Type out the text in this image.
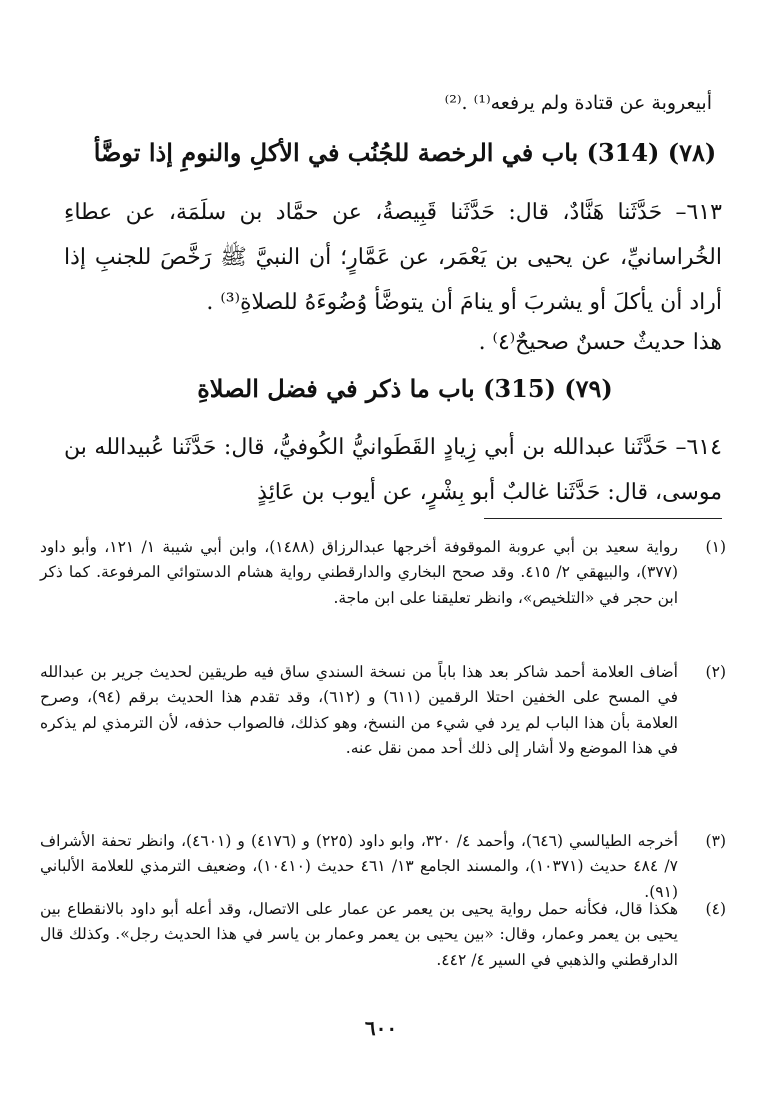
أبيعروبة عن قتادة ولم يرفعه⁽¹⁾ .⁽²⁾
(٧٨) (314) باب في الرخصة للجُنُب في الأكلِ والنومِ إذا توضَّأ
٦١٣– حَدَّثَنا هَنَّادٌ، قال: حَدَّثَنا قَبِيصةُ، عن حمَّاد بن سلَمَة، عن عطاءِ الخُراسانيِّ، عن يحيى بن يَعْمَر، عن عَمَّارٍ؛ أن النبيَّ ﷺ رَخَّصَ للجنبِ إذا أراد أن يأكلَ أو يشربَ أو ينامَ أن يتوضَّأ وُضُوءَهُ للصلاةِ⁽³⁾ .
هذا حديثٌ حسنٌ صحيحٌ⁽٤⁾ .
(٧٩) (315) باب ما ذكر في فضل الصلاةِ
٦١٤– حَدَّثَنا عبدالله بن أبي زِيادٍ القَطَوانيُّ الكُوفيُّ، قال: حَدَّثَنا عُبيدالله بن موسى، قال: حَدَّثَنا غالبٌ أبو بِشْرٍ، عن أيوب بن عَائِذٍ
(١)
رواية سعيد بن أبي عروبة الموقوفة أخرجها عبدالرزاق (١٤٨٨)، وابن أبي شيبة ١/ ١٢١، وأبو داود (٣٧٧)، والبيهقي ٢/ ٤١٥. وقد صحح البخاري والدارقطني رواية هشام الدستوائي المرفوعة. كما ذكر ابن حجر في «التلخيص»، وانظر تعليقنا على ابن ماجة.
(٢)
أضاف العلامة أحمد شاكر بعد هذا باباً من نسخة السندي ساق فيه طريقين لحديث جرير بن عبدالله في المسح على الخفين احتلا الرقمين (٦١١) و (٦١٢)، وقد تقدم هذا الحديث برقم (٩٤)، وصرح العلامة بأن هذا الباب لم يرد في شيء من النسخ، وهو كذلك، فالصواب حذفه، لأن الترمذي لم يذكره في هذا الموضع ولا أشار إلى ذلك أحد ممن نقل عنه.
(٣)
أخرجه الطيالسي (٦٤٦)، وأحمد ٤/ ٣٢٠، وابو داود (٢٢٥) و (٤١٧٦) و (٤٦٠١)، وانظر تحفة الأشراف ٧/ ٤٨٤ حديث (١٠٣٧١)، والمسند الجامع ١٣/ ٤٦١ حديث (١٠٤١٠)، وضعيف الترمذي للعلامة الألباني (٩١).
(٤)
هكذا قال، فكأنه حمل رواية يحيى بن يعمر عن عمار على الاتصال، وقد أعله أبو داود بالانقطاع بين يحيى بن يعمر وعمار، وقال: «بين يحيى بن يعمر وعمار بن ياسر في هذا الحديث رجل». وكذلك قال الدارقطني والذهبي في السير ٤/ ٤٤٢.
٦٠٠
